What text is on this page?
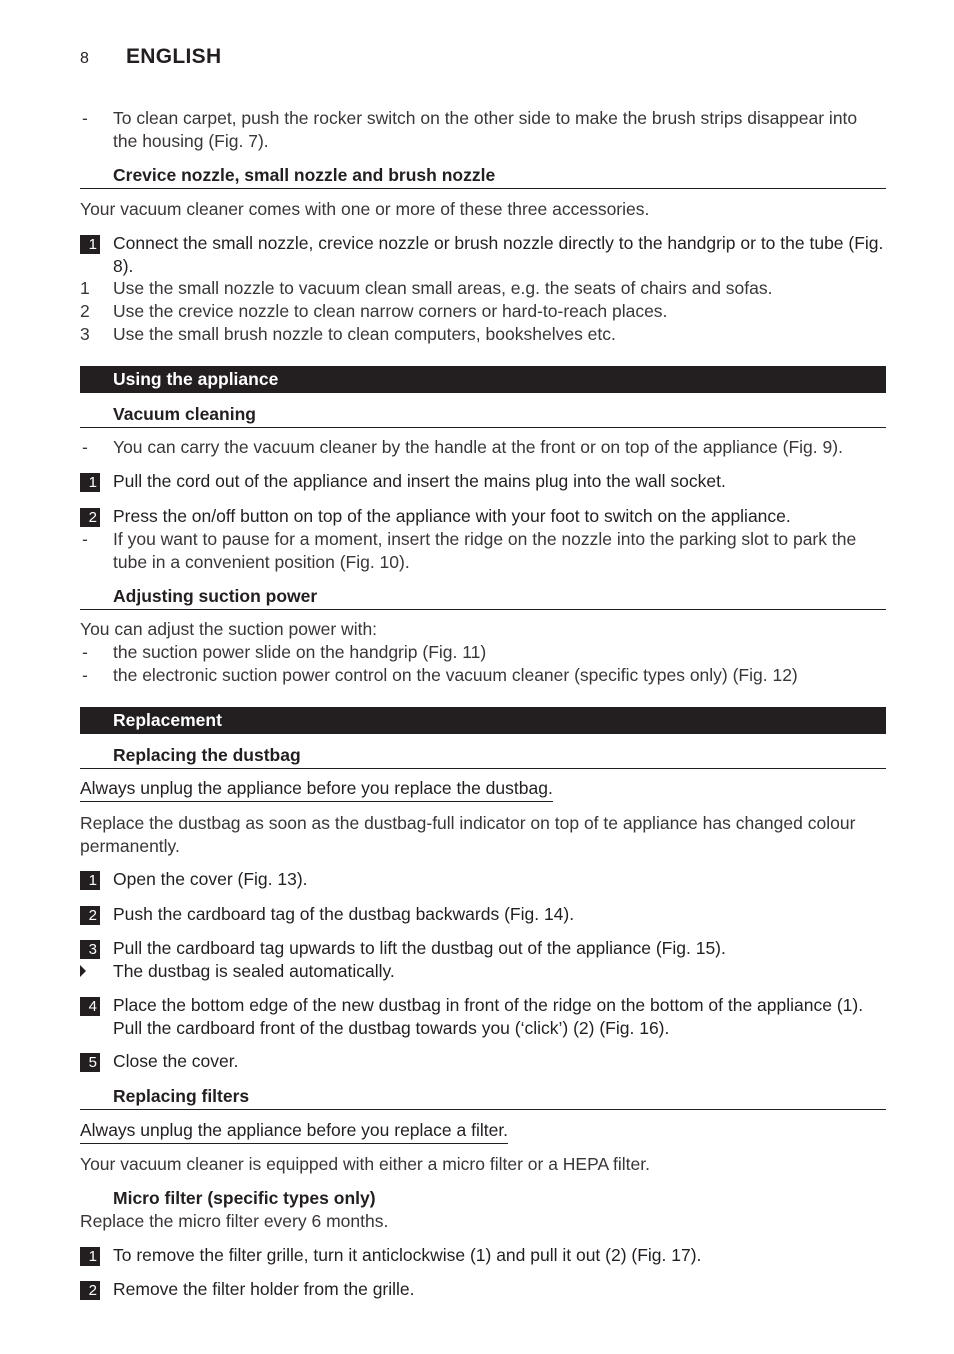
8	ENGLISH
-	To clean carpet, push the rocker switch on the other side to make the brush strips disappear into the housing (Fig. 7).
Crevice nozzle, small nozzle and brush nozzle
Your vacuum cleaner comes with one or more of these three accessories.
1 Connect the small nozzle, crevice nozzle or brush nozzle directly to the handgrip or to the tube (Fig. 8).
1	Use the small nozzle to vacuum clean small areas, e.g. the seats of chairs and sofas.
2	Use the crevice nozzle to clean narrow corners or hard-to-reach places.
3	Use the small brush nozzle to clean computers, bookshelves etc.
Using the appliance
Vacuum cleaning
-	You can carry the vacuum cleaner by the handle at the front or on top of the appliance (Fig. 9).
1 Pull the cord out of the appliance and insert the mains plug into the wall socket.
2 Press the on/off button on top of the appliance with your foot to switch on the appliance.
-	If you want to pause for a moment, insert the ridge on the nozzle into the parking slot to park the tube in a convenient position (Fig. 10).
Adjusting suction power
You can adjust the suction power with:
-	the suction power slide on the handgrip (Fig. 11)
-	the electronic suction power control on the vacuum cleaner (specific types only) (Fig. 12)
Replacement
Replacing the dustbag
Always unplug the appliance before you replace the dustbag.
Replace the dustbag as soon as the dustbag-full indicator on top of te appliance has changed colour permanently.
1 Open the cover (Fig. 13).
2 Push the cardboard tag of the dustbag backwards (Fig. 14).
3 Pull the cardboard tag upwards to lift the dustbag out of the appliance (Fig. 15).
The dustbag is sealed automatically.
4 Place the bottom edge of the new dustbag in front of the ridge on the bottom of the appliance (1). Pull the cardboard front of the dustbag towards you (‘click’) (2) (Fig. 16).
5 Close the cover.
Replacing filters
Always unplug the appliance before you replace a filter.
Your vacuum cleaner is equipped with either a micro filter or a HEPA filter.
Micro filter (specific types only)
Replace the micro filter every 6 months.
1 To remove the filter grille, turn it anticlockwise (1) and pull it out (2) (Fig. 17).
2 Remove the filter holder from the grille.
